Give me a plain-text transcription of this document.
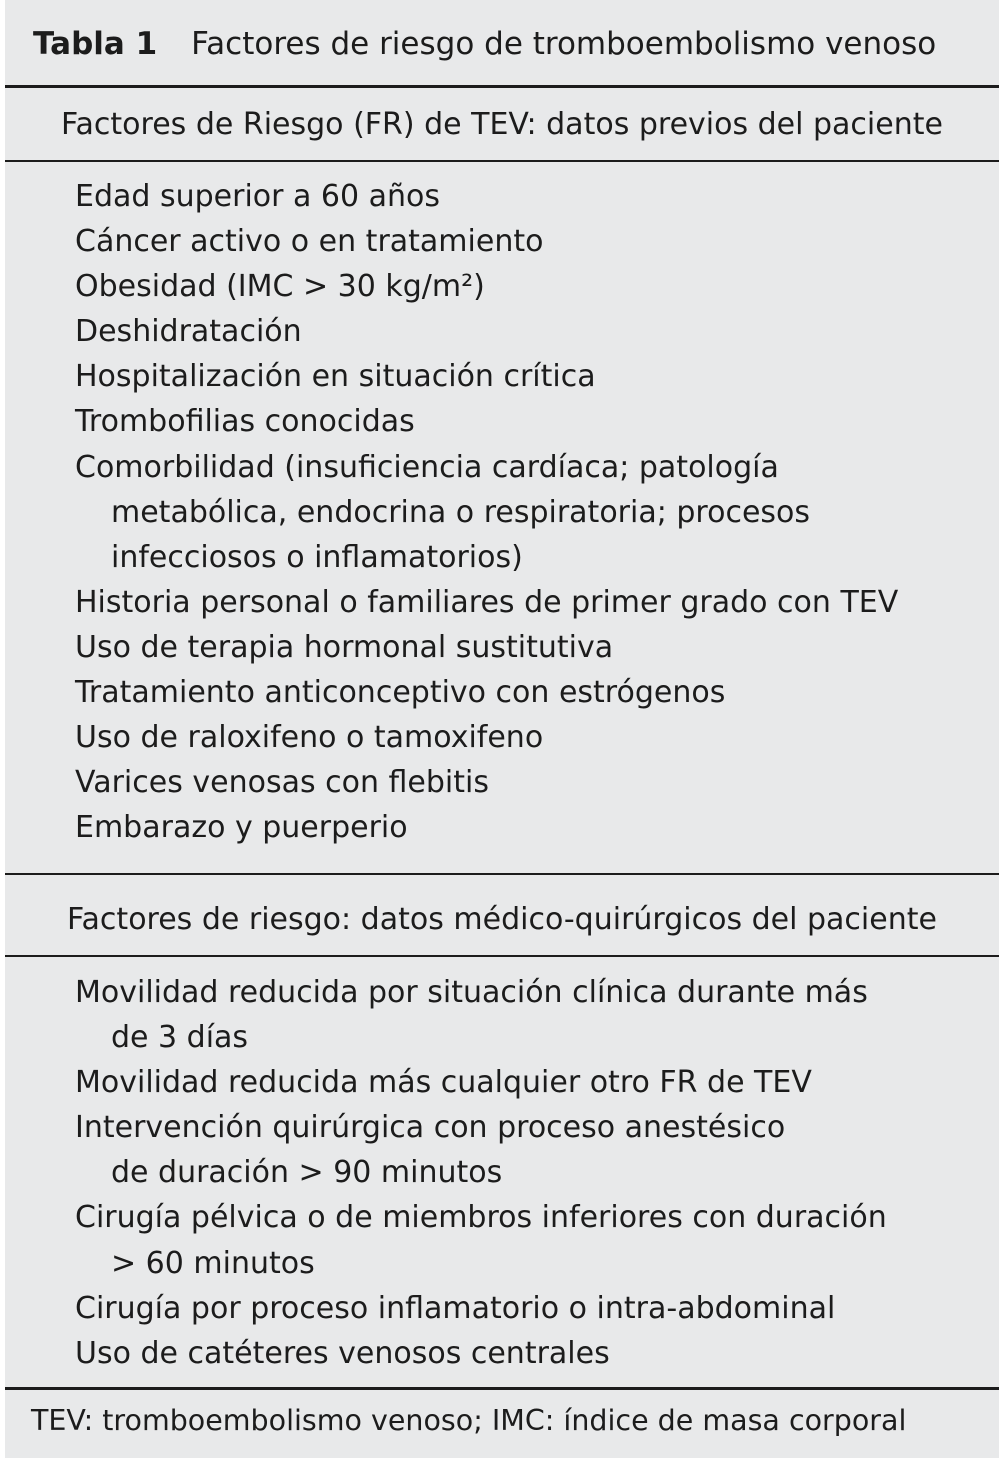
Tabla 1 Factores de riesgo de tromboembolismo venoso
Factores de Riesgo (FR) de TEV: datos previos del paciente
Edad superior a 60 años
Cáncer activo o en tratamiento
Obesidad (IMC > 30 kg/m²)
Deshidratación
Hospitalización en situación crítica
Trombofilias conocidas
Comorbilidad (insuficiencia cardíaca; patología
metabólica, endocrina o respiratoria; procesos
infecciosos o inflamatorios)
Historia personal o familiares de primer grado con TEV
Uso de terapia hormonal sustitutiva
Tratamiento anticonceptivo con estrógenos
Uso de raloxifeno o tamoxifeno
Varices venosas con flebitis
Embarazo y puerperio
Factores de riesgo: datos médico-quirúrgicos del paciente
Movilidad reducida por situación clínica durante más
de 3 días
Movilidad reducida más cualquier otro FR de TEV
Intervención quirúrgica con proceso anestésico
de duración > 90 minutos
Cirugía pélvica o de miembros inferiores con duración
> 60 minutos
Cirugía por proceso inflamatorio o intra-abdominal
Uso de catéteres venosos centrales
TEV: tromboembolismo venoso; IMC: índice de masa corporal
